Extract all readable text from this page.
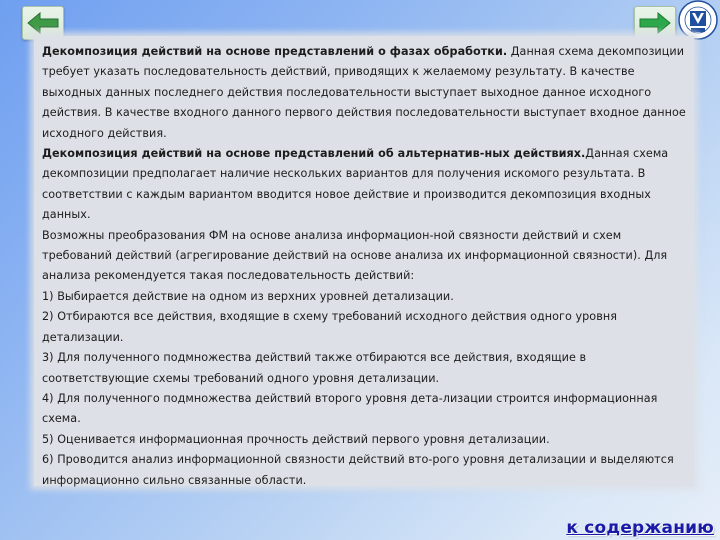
Декомпозиция действий на основе представлений о фазах обработки. Данная схема декомпозиции требует указать последовательность действий, приводящих к желаемому результату. В качестве выходных данных последнего действия последовательности выступает выходное данное исходного действия. В качестве входного данного первого действия последовательности выступает входное данное исходного действия.

Декомпозиция действий на основе представлений об альтернатив-ных действиях.Данная схема декомпозиции предполагает наличие нескольких вариантов для получения искомого результата. В соответствии с каждым вариантом вводится новое действие и производится декомпозиция входных данных.

Возможны преобразования ФМ на основе анализа информацион-ной связности действий и схем требований действий (агрегирование действий на основе анализа их информационной связности). Для анализа рекомендуется такая последовательность действий:

1) Выбирается действие на одном из верхних уровней детализации.

2) Отбираются все действия, входящие в схему требований исходного действия одного уровня детализации.

3) Для полученного подмножества действий также отбираются все действия, входящие в соответствующие схемы требований одного уровня детализации.

4) Для полученного подмножества действий второго уровня дета-лизации строится информационная схема.

5) Оценивается информационная прочность действий первого уровня детализации.

6) Проводится анализ информационной связности действий вто-рого уровня детализации и выделяются информационно сильно связанные области.

к содержанию
